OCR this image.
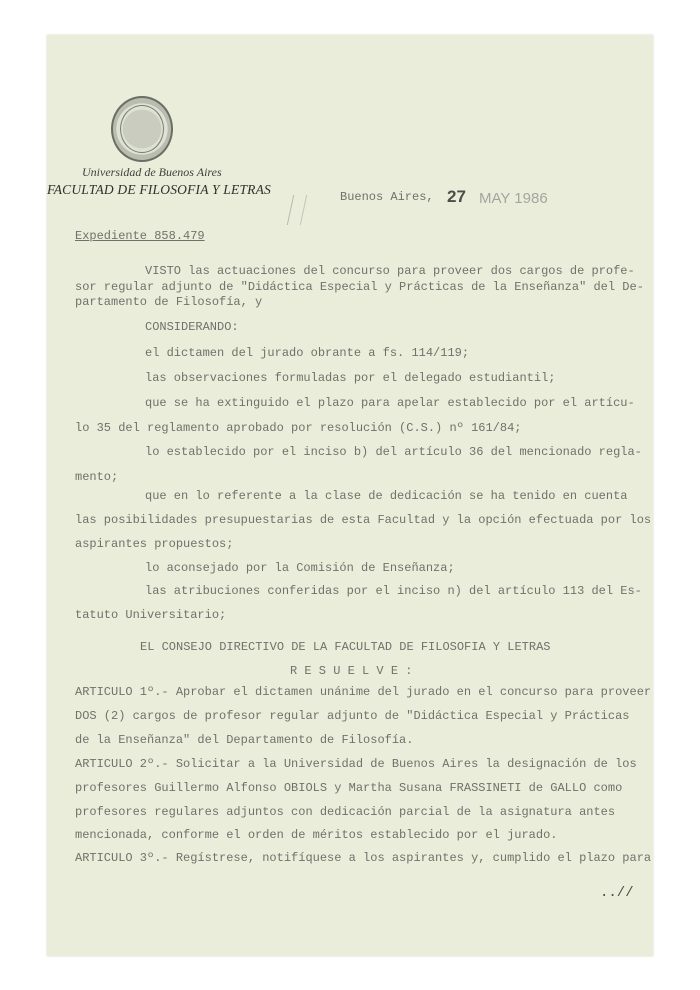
Universidad de Buenos Aires
FACULTAD DE FILOSOFIA Y LETRAS	Buenos Aires, 27 MAY 1986
Expediente 858.479
VISTO las actuaciones del concurso para proveer dos cargos de profe-
sor regular adjunto de "Didáctica Especial y Prácticas de la Enseñanza" del De-
partamento de Filosofía, y
CONSIDERANDO:
el dictamen del jurado obrante a fs. 114/119;
las observaciones formuladas por el delegado estudiantil;
que se ha extinguido el plazo para apelar establecido por el artícu-
lo 35 del reglamento aprobado por resolución (C.S.) nº 161/84;
lo establecido por el inciso b) del artículo 36 del mencionado regla-
mento;
que en lo referente a la clase de dedicación se ha tenido en cuenta
las posibilidades presupuestarias de esta Facultad y la opción efectuada por los
aspirantes propuestos;
lo aconsejado por la Comisión de Enseñanza;
las atribuciones conferidas por el inciso n) del artículo 113 del Es-
tatuto Universitario;
EL CONSEJO DIRECTIVO DE LA FACULTAD DE FILOSOFIA Y LETRAS
R E S U E L V E :
ARTICULO 1º.- Aprobar el dictamen unánime del jurado en el concurso para proveer
DOS (2) cargos de profesor regular adjunto de "Didáctica Especial y Prácticas
de la Enseñanza" del Departamento de Filosofía.
ARTICULO 2º.- Solicitar a la Universidad de Buenos Aires la designación de los
profesores Guillermo Alfonso OBIOLS y Martha Susana FRASSINETI de GALLO como
profesores regulares adjuntos con dedicación parcial de la asignatura antes
mencionada, conforme el orden de méritos establecido por el jurado.
ARTICULO 3º.- Regístrese, notifíquese a los aspirantes y, cumplido el plazo para
..//
